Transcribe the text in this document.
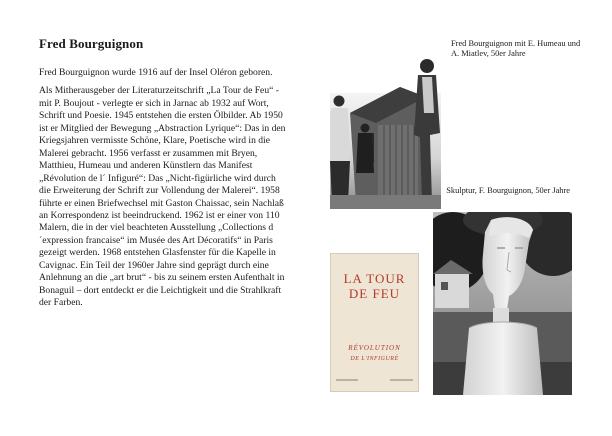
Fred Bourguignon

Fred Bourguignon wurde 1916 auf der Insel Oléron geboren.

Als Mitherausgeber der Literaturzeitschrift „La Tour de Feu“ - mit P. Boujout - verlegte er sich in Jarnac ab 1932 auf Wort, Schrift und Poesie. 1945 entstehen die ersten Ölbilder. Ab 1950 ist er Mitglied der Bewegung „Abstraction Lyrique“: Das in den Kriegsjahren vermisste Schöne, Klare, Poetische wird in die Malerei gebracht. 1956 verfasst er zusammen mit Bryen, Matthieu, Humeau und anderen Künstlern das Manifest „Révolution de l´ Infiguré“: Das „Nicht-figürliche wird durch die Erweiterung der Schrift zur Vollendung der Malerei“. 1958 führte er einen Briefwechsel mit Gaston Chaissac, sein Nachlaß an Korrespondenz ist beeindruckend. 1962 ist er einer von 110 Malern, die in der viel beachteten Ausstellung „Collections d´expression francaise“ im Musée des Art Décoratifs“ in Paris gezeigt werden. 1968 entstehen Glasfenster für die Kapelle in Cavignac. Ein Teil der 1960er Jahre sind geprägt durch eine Anlehnung an die „art brut“ - bis zu seinem ersten Aufenthalt in Bonaguil – dort entdeckt er die Leichtigkeit und die Strahlkraft der Farben.

Fred Bourguignon mit E. Humeau und A. Miatlev, 50er Jahre
Skulptur, F. Bourguignon, 50er Jahre
LA TOUR
DE FEU
RÉVOLUTION
DE L'INFIGURÉ
